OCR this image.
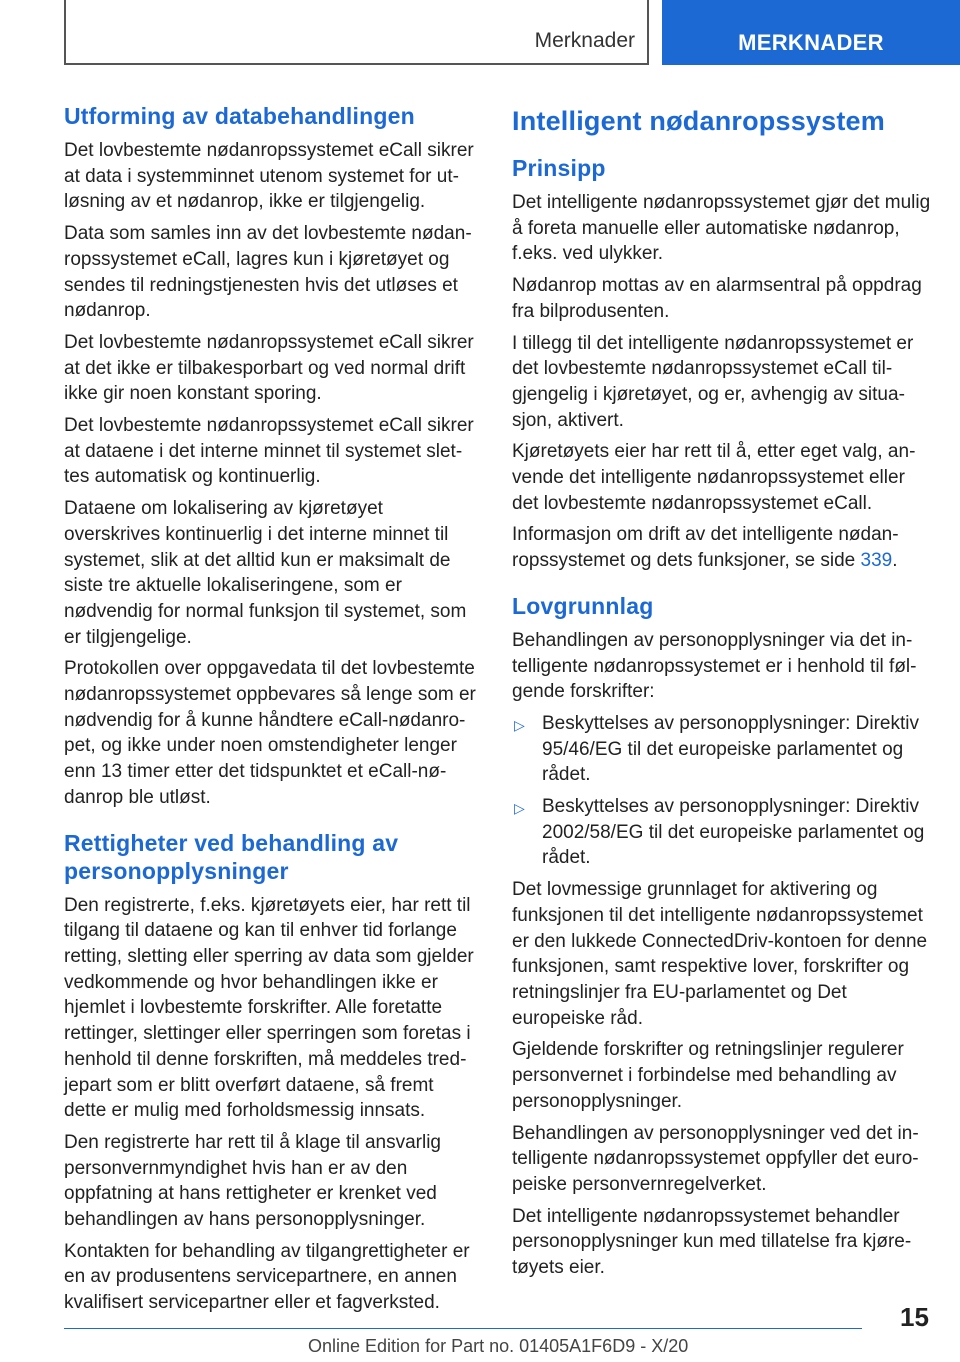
Merknader	MERKNADER
Utforming av databehandlingen

Det lovbestemte nødanropssystemet eCall sikrer at data i systemminnet utenom systemet for utløsning av et nødanrop, ikke er tilgjengelig.

Data som samles inn av det lovbestemte nødanropssystemet eCall, lagres kun i kjøretøyet og sendes til redningstjenesten hvis det utløses et nødanrop.

Det lovbestemte nødanropssystemet eCall sikrer at det ikke er tilbakesporbart og ved normal drift ikke gir noen konstant sporing.

Det lovbestemte nødanropssystemet eCall sikrer at dataene i det interne minnet til systemet slettes automatisk og kontinuerlig.

Dataene om lokalisering av kjøretøyet overskrives kontinuerlig i det interne minnet til systemet, slik at det alltid kun er maksimalt de siste tre aktuelle lokaliseringene, som er nødvendig for normal funksjon til systemet, som er tilgjengelige.

Protokollen over oppgavedata til det lovbestemte nødanropssystemet oppbevares så lenge som er nødvendig for å kunne håndtere eCall-nødanropet, og ikke under noen omstendigheter lenger enn 13 timer etter det tidspunktet et eCall-nødanrop ble utløst.

Rettigheter ved behandling av personopplysninger

Den registrerte, f.eks. kjøretøyets eier, har rett til tilgang til dataene og kan til enhver tid forlange retting, sletting eller sperring av data som gjelder vedkommende og hvor behandlingen ikke er hjemlet i lovbestemte forskrifter. Alle foretatte rettinger, slettinger eller sperringen som foretas i henhold til denne forskriften, må meddeles tredjepart som er blitt overført dataene, så fremt dette er mulig med forholdsmessig innsats.

Den registrerte har rett til å klage til ansvarlig personvernmyndighet hvis han er av den oppfatning at hans rettigheter er krenket ved behandlingen av hans personopplysninger.

Kontakten for behandling av tilgangrettigheter er en av produsentens servicepartnere, en annen kvalifisert servicepartner eller et fagverksted.

Intelligent nødanropssystem
Prinsipp

Det intelligente nødanropssystemet gjør det mulig å foreta manuelle eller automatiske nødanrop, f.eks. ved ulykker.

Nødanrop mottas av en alarmsentral på oppdrag fra bilprodusenten.

I tillegg til det intelligente nødanropssystemet er det lovbestemte nødanropssystemet eCall tilgjengelig i kjøretøyet, og er, avhengig av situasjon, aktivert.

Kjøretøyets eier har rett til å, etter eget valg, anvende det intelligente nødanropssystemet eller det lovbestemte nødanropssystemet eCall.

Informasjon om drift av det intelligente nødanropssystemet og dets funksjoner, se side 339.

Lovgrunnlag

Behandlingen av personopplysninger via det intelligente nødanropssystemet er i henhold til følgende forskrifter:

▷ Beskyttelses av personopplysninger: Direktiv 95/46/EG til det europeiske parlamentet og rådet.
▷ Beskyttelses av personopplysninger: Direktiv 2002/58/EG til det europeiske parlamentet og rådet.

Det lovmessige grunnlaget for aktivering og funksjonen til det intelligente nødanropssystemet er den lukkede ConnectedDriv-kontoen for denne funksjonen, samt respektive lover, forskrifter og retningslinjer fra EU-parlamentet og Det europeiske råd.

Gjeldende forskrifter og retningslinjer regulerer personvernet i forbindelse med behandling av personopplysninger.

Behandlingen av personopplysninger ved det intelligente nødanropssystemet oppfyller det europeiske personvernregelverket.

Det intelligente nødanropssystemet behandler personopplysninger kun med tillatelse fra kjøretøyets eier.

15
Online Edition for Part no. 01405A1F6D9 - X/20
